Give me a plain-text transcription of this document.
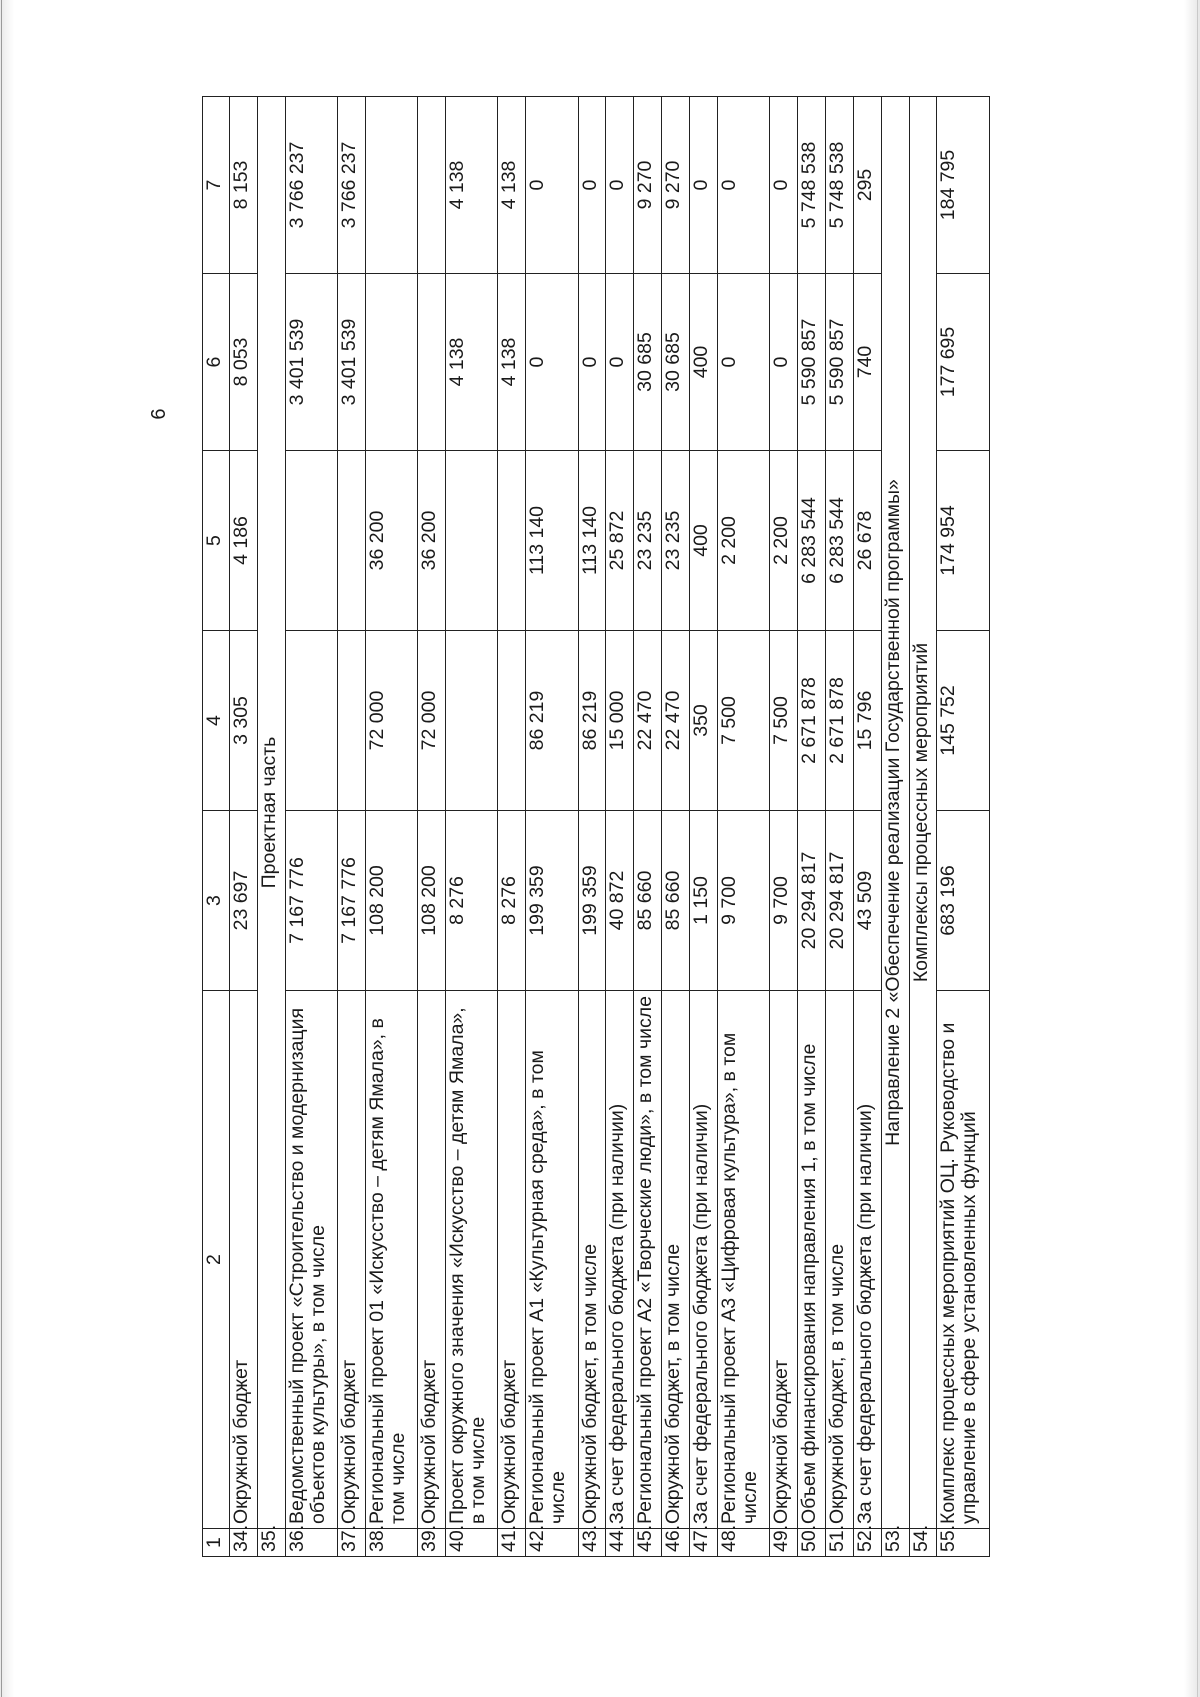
6
1	2	3	4	5	6	7
34.	Окружной бюджет	23 697	3 305	4 186	8 053	8 153
35.	Проектная часть					
36.	Ведомственный проект «Строительство и модернизация объектов культуры», в том числе	7 167 776			3 401 539	3 766 237
37.	Окружной бюджет	7 167 776			3 401 539	3 766 237
38.	Региональный проект 01 «Искусство – детям Ямала», в том числе	108 200	72 000	36 200		
39.	Окружной бюджет	108 200	72 000	36 200		
40.	Проект окружного значения «Искусство – детям Ямала», в том числе	8 276			4 138	4 138
41.	Окружной бюджет	8 276			4 138	4 138
42.	Региональный проект А1 «Культурная среда», в том числе	199 359	86 219	113 140	0	0
43.	Окружной бюджет, в том числе	199 359	86 219	113 140	0	0
44.	За счет федерального бюджета (при наличии)	40 872	15 000	25 872	0	0
45.	Региональный проект А2 «Творческие люди», в том числе	85 660	22 470	23 235	30 685	9 270
46.	Окружной бюджет, в том числе	85 660	22 470	23 235	30 685	9 270
47.	За счет федерального бюджета (при наличии)	1 150	350	400	400	0
48.	Региональный проект А3 «Цифровая культура», в том числе	9 700	7 500	2 200	0	0
49.	Окружной бюджет	9 700	7 500	2 200	0	0
50.	Объем финансирования направления 1, в том числе	20 294 817	2 671 878	6 283 544	5 590 857	5 748 538
51.	Окружной бюджет, в том числе	20 294 817	2 671 878	6 283 544	5 590 857	5 748 538
52.	За счет федерального бюджета (при наличии)	43 509	15 796	26 678	740	295
53.	Направление 2 «Обеспечение реализации Государственной программы»					
54.	Комплексы процессных мероприятий					
55.	Комплекс процессных мероприятий ОЦ. Руководство и управление в сфере установленных функций	683 196	145 752	174 954	177 695	184 795
